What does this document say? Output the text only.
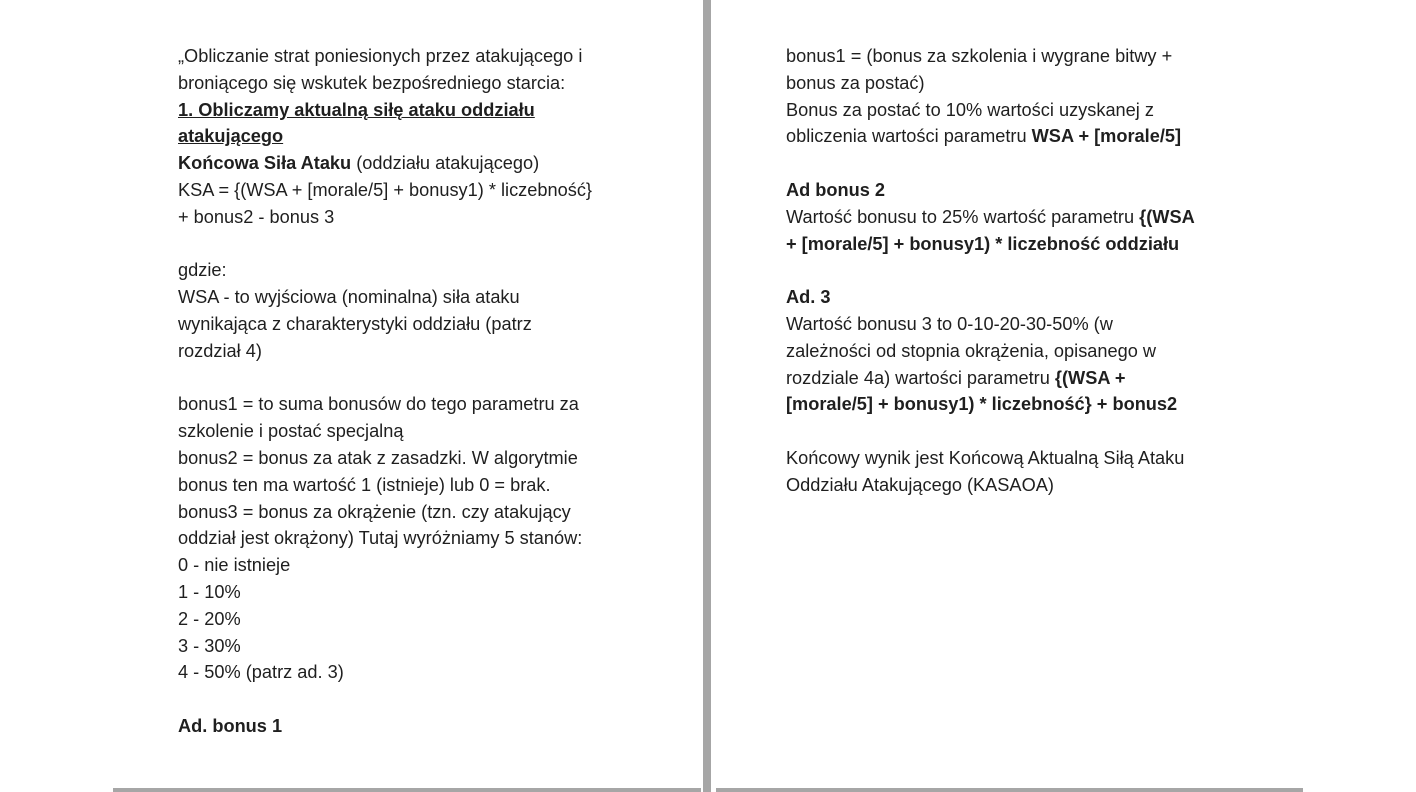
„Obliczanie strat poniesionych przez atakującego i
broniącego się wskutek bezpośredniego starcia:
1. Obliczamy aktualną siłę ataku oddziału
atakującego
Końcowa Siła Ataku (oddziału atakującego)
KSA = {(WSA + [morale/5] + bonusy1) * liczebność}
+ bonus2 - bonus 3
gdzie:
WSA - to wyjściowa (nominalna) siła ataku
wynikająca z charakterystyki oddziału (patrz
rozdział 4)
bonus1 = to suma bonusów do tego parametru za
szkolenie i postać specjalną
bonus2 = bonus za atak z zasadzki. W algorytmie
bonus ten ma wartość 1 (istnieje) lub 0 = brak.
bonus3 = bonus za okrążenie (tzn. czy atakujący
oddział jest okrążony) Tutaj wyróżniamy 5 stanów:
0 - nie istnieje
1 - 10%
2 - 20%
3 - 30%
4 - 50% (patrz ad. 3)
Ad. bonus 1
bonus1 = (bonus za szkolenia i wygrane bitwy +
bonus za postać)
Bonus za postać to 10% wartości uzyskanej z
obliczenia wartości parametru WSA + [morale/5]
Ad bonus 2
Wartość bonusu to 25% wartość parametru {(WSA
+ [morale/5] + bonusy1) * liczebność oddziału
Ad. 3
Wartość bonusu 3 to 0-10-20-30-50% (w
zależności od stopnia okrążenia, opisanego w
rozdziale 4a) wartości parametru {(WSA +
[morale/5] + bonusy1) * liczebność} + bonus2
Końcowy wynik jest Końcową Aktualną Siłą Ataku
Oddziału Atakującego (KASAOA)
